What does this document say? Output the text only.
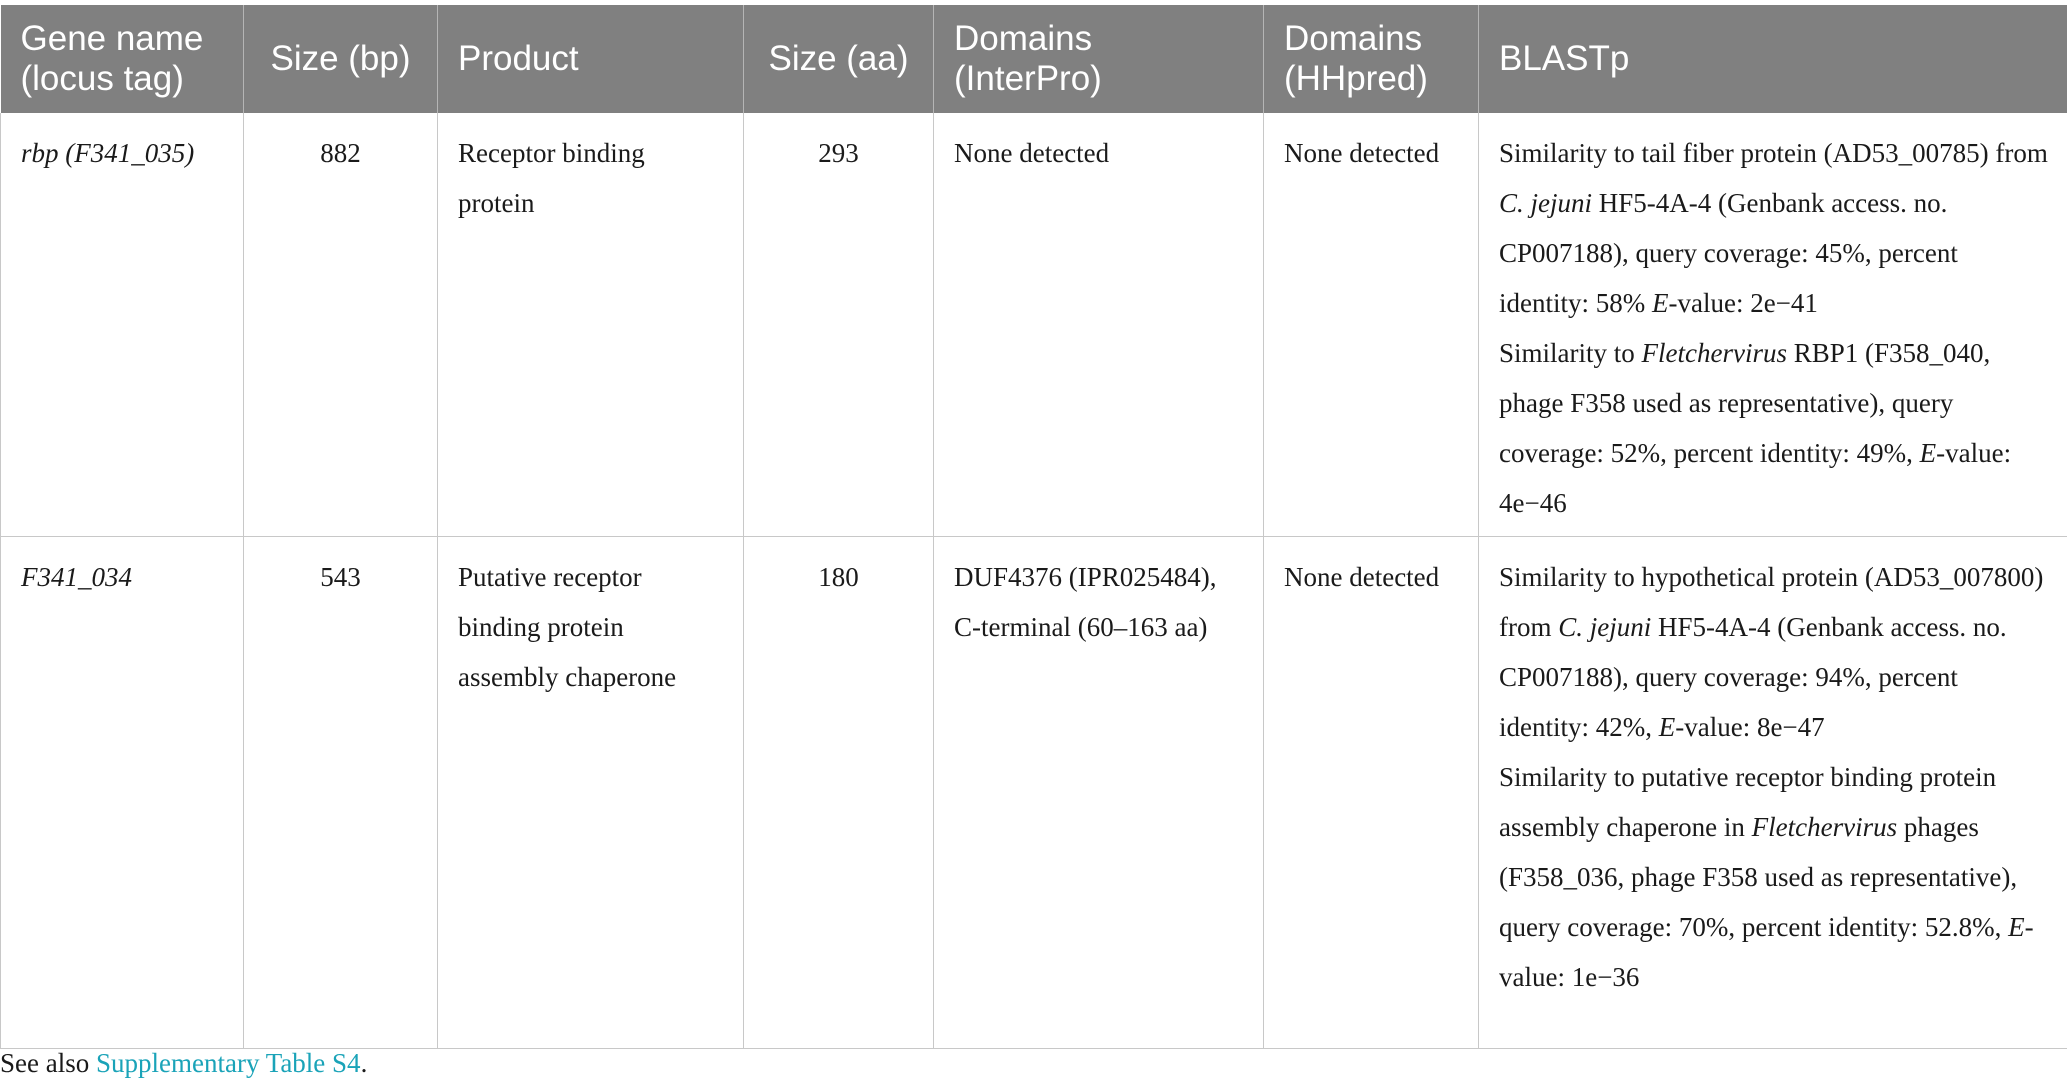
Gene name (locus tag)	Size (bp)	Product	Size (aa)	Domains (InterPro)	Domains (HHpred)	BLASTp
rbp (F341_035)	882	Receptor binding protein	293	None detected	None detected	Similarity to tail fiber protein (AD53_00785) from C. jejuni HF5-4A-4 (Genbank access. no. CP007188), query coverage: 45%, percent identity: 58% E-value: 2e−41
Similarity to Fletchervirus RBP1 (F358_040, phage F358 used as representative), query coverage: 52%, percent identity: 49%, E-value: 4e−46

F341_034	543	Putative receptor binding protein assembly chaperone	180	DUF4376 (IPR025484), C-terminal (60–163 aa)	None detected	Similarity to hypothetical protein (AD53_007800) from C. jejuni HF5-4A-4 (Genbank access. no. CP007188), query coverage: 94%, percent identity: 42%, E-value: 8e−47
Similarity to putative receptor binding protein assembly chaperone in Fletchervirus phages (F358_036, phage F358 used as representative), query coverage: 70%, percent identity: 52.8%, E-value: 1e−36
See also Supplementary Table S4.
